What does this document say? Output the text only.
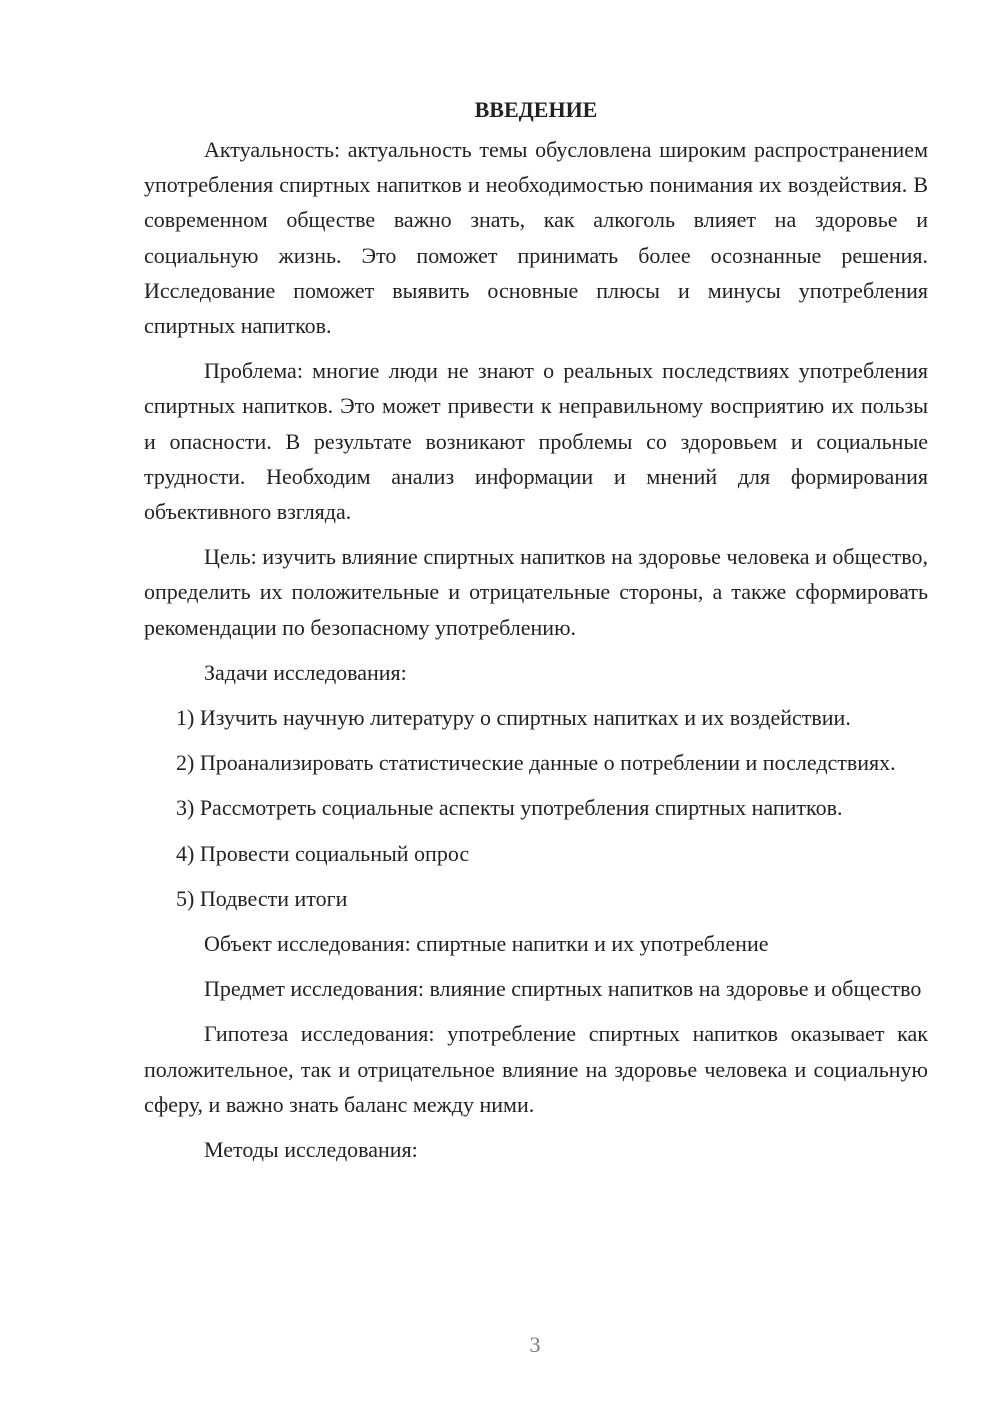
ВВЕДЕНИЕ

Актуальность: актуальность темы обусловлена широким распространением употребления спиртных напитков и необходимостью понимания их воздействия. В современном обществе важно знать, как алкоголь влияет на здоровье и социальную жизнь. Это поможет принимать более осознанные решения. Исследование поможет выявить основные плюсы и минусы употребления спиртных напитков.

Проблема: многие люди не знают о реальных последствиях употребления спиртных напитков. Это может привести к неправильному восприятию их пользы и опасности. В результате возникают проблемы со здоровьем и социальные трудности. Необходим анализ информации и мнений для формирования объективного взгляда.

Цель: изучить влияние спиртных напитков на здоровье человека и общество, определить их положительные и отрицательные стороны, а также сформировать рекомендации по безопасному употреблению.

Задачи исследования:

1) Изучить научную литературу о спиртных напитках и их воздействии.

2) Проанализировать статистические данные о потреблении и последствиях.

3) Рассмотреть социальные аспекты употребления спиртных напитков.

4) Провести социальный опрос

5) Подвести итоги

Объект исследования: спиртные напитки и их употребление

Предмет исследования: влияние спиртных напитков на здоровье и общество

Гипотеза исследования: употребление спиртных напитков оказывает как положительное, так и отрицательное влияние на здоровье человека и социальную сферу, и важно знать баланс между ними.

Методы исследования:

3
